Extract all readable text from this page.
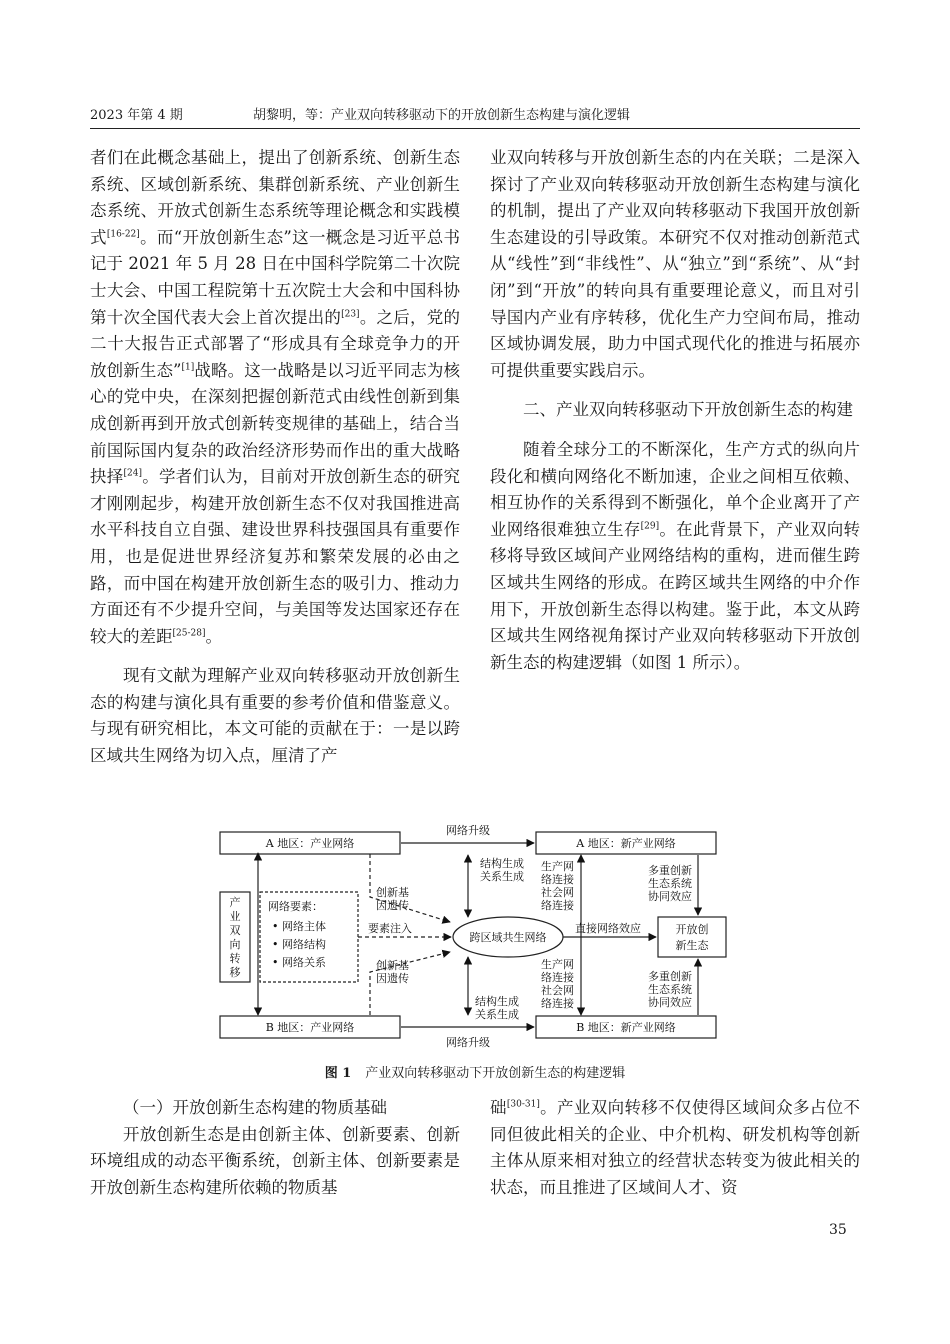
2023 年第 4 期	胡黎明，等：产业双向转移驱动下的开放创新生态构建与演化逻辑

者们在此概念基础上，提出了创新系统、创新生态系统、区域创新系统、集群创新系统、产业创新生态系统、开放式创新生态系统等理论概念和实践模式[16-22]。而“开放创新生态”这一概念是习近平总书记于 2021 年 5 月 28 日在中国科学院第二十次院士大会、中国工程院第十五次院士大会和中国科协第十次全国代表大会上首次提出的[23]。之后，党的二十大报告正式部署了“形成具有全球竞争力的开放创新生态”[1]战略。这一战略是以习近平同志为核心的党中央，在深刻把握创新范式由线性创新到集成创新再到开放式创新转变规律的基础上，结合当前国际国内复杂的政治经济形势而作出的重大战略抉择[24]。学者们认为，目前对开放创新生态的研究才刚刚起步，构建开放创新生态不仅对我国推进高水平科技自立自强、建设世界科技强国具有重要作用，也是促进世界经济复苏和繁荣发展的必由之路，而中国在构建开放创新生态的吸引力、推动力方面还有不少提升空间，与美国等发达国家还存在较大的差距[25-28]。

现有文献为理解产业双向转移驱动开放创新生态的构建与演化具有重要的参考价值和借鉴意义。与现有研究相比，本文可能的贡献在于：一是以跨区域共生网络为切入点，厘清了产

业双向转移与开放创新生态的内在关联；二是深入探讨了产业双向转移驱动开放创新生态构建与演化的机制，提出了产业双向转移驱动下我国开放创新生态建设的引导政策。本研究不仅对推动创新范式从“线性”到“非线性”、从“独立”到“系统”、从“封闭”到“开放”的转向具有重要理论意义，而且对引导国内产业有序转移，优化生产力空间布局，推动区域协调发展，助力中国式现代化的推进与拓展亦可提供重要实践启示。

二、产业双向转移驱动下开放创新生态的构建

随着全球分工的不断深化，生产方式的纵向片段化和横向网络化不断加速，企业之间相互依赖、相互协作的关系得到不断强化，单个企业离开了产业网络很难独立生存[29]。在此背景下，产业双向转移将导致区域间产业网络结构的重构，进而催生跨区域共生网络的形成。在跨区域共生网络的中介作用下，开放创新生态得以构建。鉴于此，本文从跨区域共生网络视角探讨产业双向转移驱动下开放创新生态的构建逻辑（如图 1 所示）。

A 地区：产业网络	A 地区：新产业网络
B 地区：产业网络	B 地区：新产业网络
网络升级
网络升级
产
业
双
向
转
移
网络要素：
• 网络主体
• 网络结构
• 网络关系
创新基
因遗传
创新基
因遗传
要素注入
跨区域共生网络
直接网络效应	开放创
新生态
结构生成
关系生成
结构生成
关系生成
生产网
络连接
社会网
络连接
生产网
络连接
社会网
络连接
多重创新
生态系统
协同效应
多重创新
生态系统
协同效应
图 1 产业双向转移驱动下开放创新生态的构建逻辑

（一）开放创新生态构建的物质基础

开放创新生态是由创新主体、创新要素、创新环境组成的动态平衡系统，创新主体、创新要素是开放创新生态构建所依赖的物质基

础[30-31]。产业双向转移不仅使得区域间众多占位不同但彼此相关的企业、中介机构、研发机构等创新主体从原来相对独立的经营状态转变为彼此相关的状态，而且推进了区域间人才、资

35
